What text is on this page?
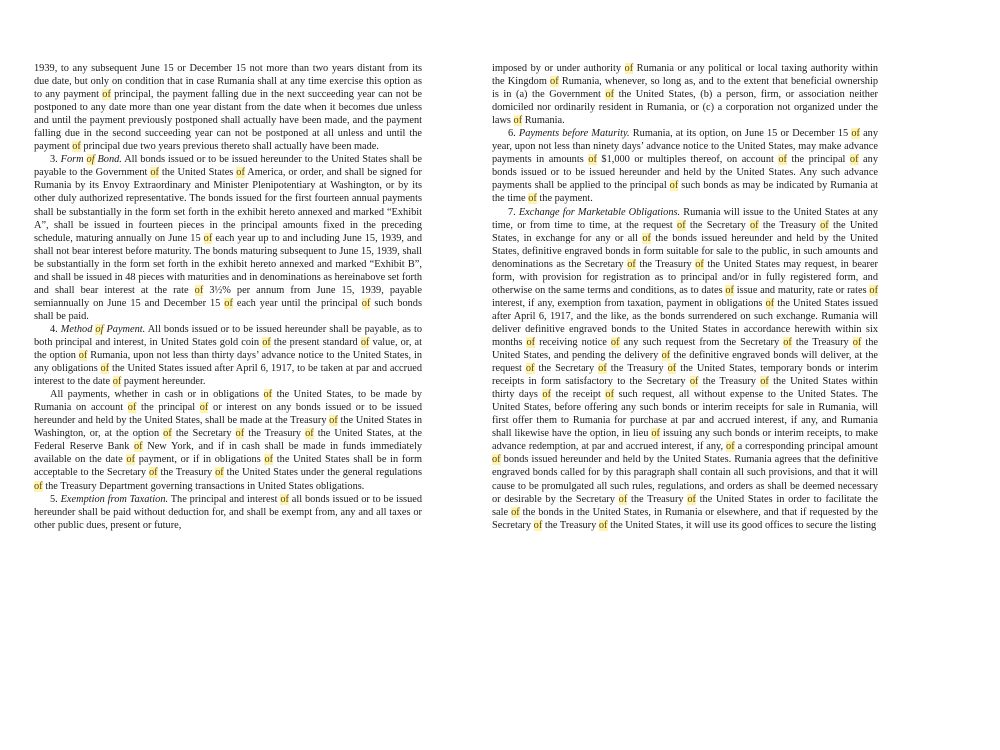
1939, to any subsequent June 15 or December 15 not more than two years distant from its due date, but only on condition that in case Rumania shall at any time exercise this option as to any payment of principal, the payment falling due in the next succeeding year can not be postponed to any date more than one year distant from the date when it becomes due unless and until the payment previously postponed shall actually have been made, and the payment falling due in the second succeeding year can not be postponed at all unless and until the payment of principal due two years previous thereto shall actually have been made.

3. Form of Bond. All bonds issued or to be issued hereunder to the United States shall be payable to the Government of the United States of America, or order, and shall be signed for Rumania by its Envoy Extraordinary and Minister Plenipotentiary at Washington, or by its other duly authorized representative. The bonds issued for the first fourteen annual payments shall be substantially in the form set forth in the exhibit hereto annexed and marked “Exhibit A”, shall be issued in fourteen pieces in the principal amounts fixed in the preceding schedule, maturing annually on June 15 of each year up to and including June 15, 1939, and shall not bear interest before maturity. The bonds maturing subsequent to June 15, 1939, shall be substantially in the form set forth in the exhibit hereto annexed and marked “Exhibit B”, and shall be issued in 48 pieces with maturities and in denominations as hereinabove set forth and shall bear interest at the rate of 3½% per annum from June 15, 1939, payable semiannually on June 15 and December 15 of each year until the principal of such bonds shall be paid.

4. Method of Payment. All bonds issued or to be issued hereunder shall be payable, as to both principal and interest, in United States gold coin of the present standard of value, or, at the option of Rumania, upon not less than thirty days’ advance notice to the United States, in any obligations of the United States issued after April 6, 1917, to be taken at par and accrued interest to the date of payment hereunder.

All payments, whether in cash or in obligations of the United States, to be made by Rumania on account of the principal of or interest on any bonds issued or to be issued hereunder and held by the United States, shall be made at the Treasury of the United States in Washington, or, at the option of the Secretary of the Treasury of the United States, at the Federal Reserve Bank of New York, and if in cash shall be made in funds immediately available on the date of payment, or if in obligations of the United States shall be in form acceptable to the Secretary of the Treasury of the United States under the general regulations of the Treasury Department governing transactions in United States obligations.

5. Exemption from Taxation. The principal and interest of all bonds issued or to be issued hereunder shall be paid without deduction for, and shall be exempt from, any and all taxes or other public dues, present or future,

imposed by or under authority of Rumania or any political or local taxing authority within the Kingdom of Rumania, whenever, so long as, and to the extent that beneficial ownership is in (a) the Government of the United States, (b) a person, firm, or association neither domiciled nor ordinarily resident in Rumania, or (c) a corporation not organized under the laws of Rumania.

6. Payments before Maturity. Rumania, at its option, on June 15 or December 15 of any year, upon not less than ninety days’ advance notice to the United States, may make advance payments in amounts of $1,000 or multiples thereof, on account of the principal of any bonds issued or to be issued hereunder and held by the United States. Any such advance payments shall be applied to the principal of such bonds as may be indicated by Rumania at the time of the payment.

7. Exchange for Marketable Obligations. Rumania will issue to the United States at any time, or from time to time, at the request of the Secretary of the Treasury of the United States, in exchange for any or all of the bonds issued hereunder and held by the United States, definitive engraved bonds in form suitable for sale to the public, in such amounts and denominations as the Secretary of the Treasury of the United States may request, in bearer form, with provision for registration as to principal and/or in fully registered form, and otherwise on the same terms and conditions, as to dates of issue and maturity, rate or rates of interest, if any, exemption from taxation, payment in obligations of the United States issued after April 6, 1917, and the like, as the bonds surrendered on such exchange. Rumania will deliver definitive engraved bonds to the United States in accordance herewith within six months of receiving notice of any such request from the Secretary of the Treasury of the United States, and pending the delivery of the definitive engraved bonds will deliver, at the request of the Secretary of the Treasury of the United States, temporary bonds or interim receipts in form satisfactory to the Secretary of the Treasury of the United States within thirty days of the receipt of such request, all without expense to the United States. The United States, before offering any such bonds or interim receipts for sale in Rumania, will first offer them to Rumania for purchase at par and accrued interest, if any, and Rumania shall likewise have the option, in lieu of issuing any such bonds or interim receipts, to make advance redemption, at par and accrued interest, if any, of a corresponding principal amount of bonds issued hereunder and held by the United States. Rumania agrees that the definitive engraved bonds called for by this paragraph shall contain all such provisions, and that it will cause to be promulgated all such rules, regulations, and orders as shall be deemed necessary or desirable by the Secretary of the Treasury of the United States in order to facilitate the sale of the bonds in the United States, in Rumania or elsewhere, and that if requested by the Secretary of the Treasury of the United States, it will use its good offices to secure the listing
